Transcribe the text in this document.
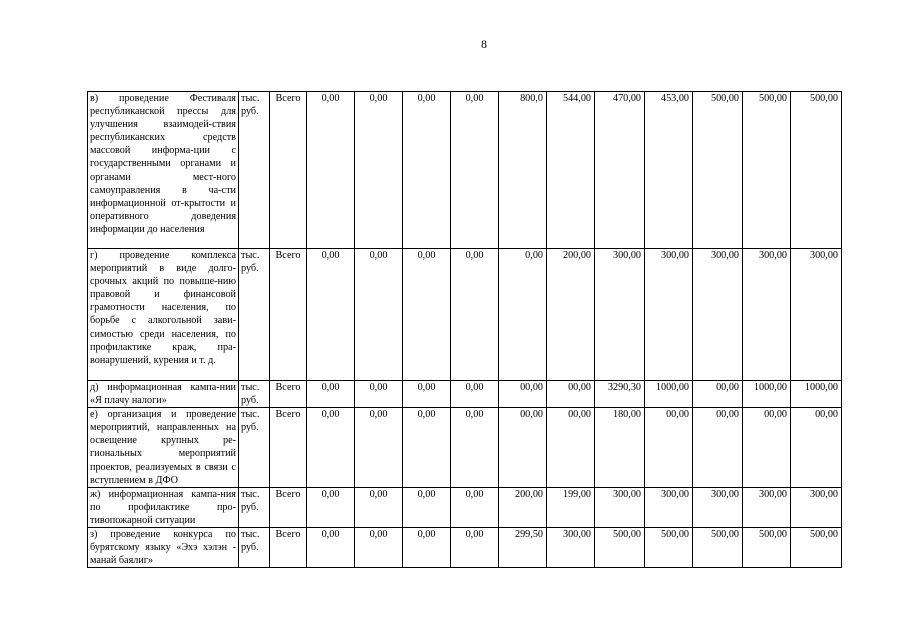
8
в) проведение Фестиваля республиканской прессы для улучшения взаимодей-ствия республиканских средств массовой информа-ции с государственными органами и органами мест-ного самоуправления в ча-сти информационной от-крытости и оперативного доведения информации до населения	тыс. руб.	Всего	0,00	0,00	0,00	0,00	800,0	544,00	470,00	453,00	500,00	500,00	500,00
г) проведение комплекса мероприятий в виде долго-срочных акций по повыше-нию правовой и финансовой грамотности населения, по борьбе с алкогольной зави-симостью среди населения, по профилактике краж, пра-вонарушений, курения и т. д.	тыс. руб.	Всего	0,00	0,00	0,00	0,00	0,00	200,00	300,00	300,00	300,00	300,00	300,00
д) информационная кампа-нии «Я плачу налоги»	тыс. руб.	Всего	0,00	0,00	0,00	0,00	00,00	00,00	3290,30	1000,00	00,00	1000,00	1000,00
е) организация и проведение мероприятий, направленных на освещение крупных ре-гиональных мероприятий проектов, реализуемых в связи с вступлением в ДФО	тыс. руб.	Всего	0,00	0,00	0,00	0,00	00,00	00,00	180,00	00,00	00,00	00,00	00,00
ж) информационная кампа-ния по профилактике про-тивопожарной ситуации	тыс. руб.	Всего	0,00	0,00	0,00	0,00	200,00	199,00	300,00	300,00	300,00	300,00	300,00
з) проведение конкурса по бурятскому языку «Эхэ хэлэн - манай баялиг»	тыс. руб.	Всего	0,00	0,00	0,00	0,00	299,50	300,00	500,00	500,00	500,00	500,00	500,00
